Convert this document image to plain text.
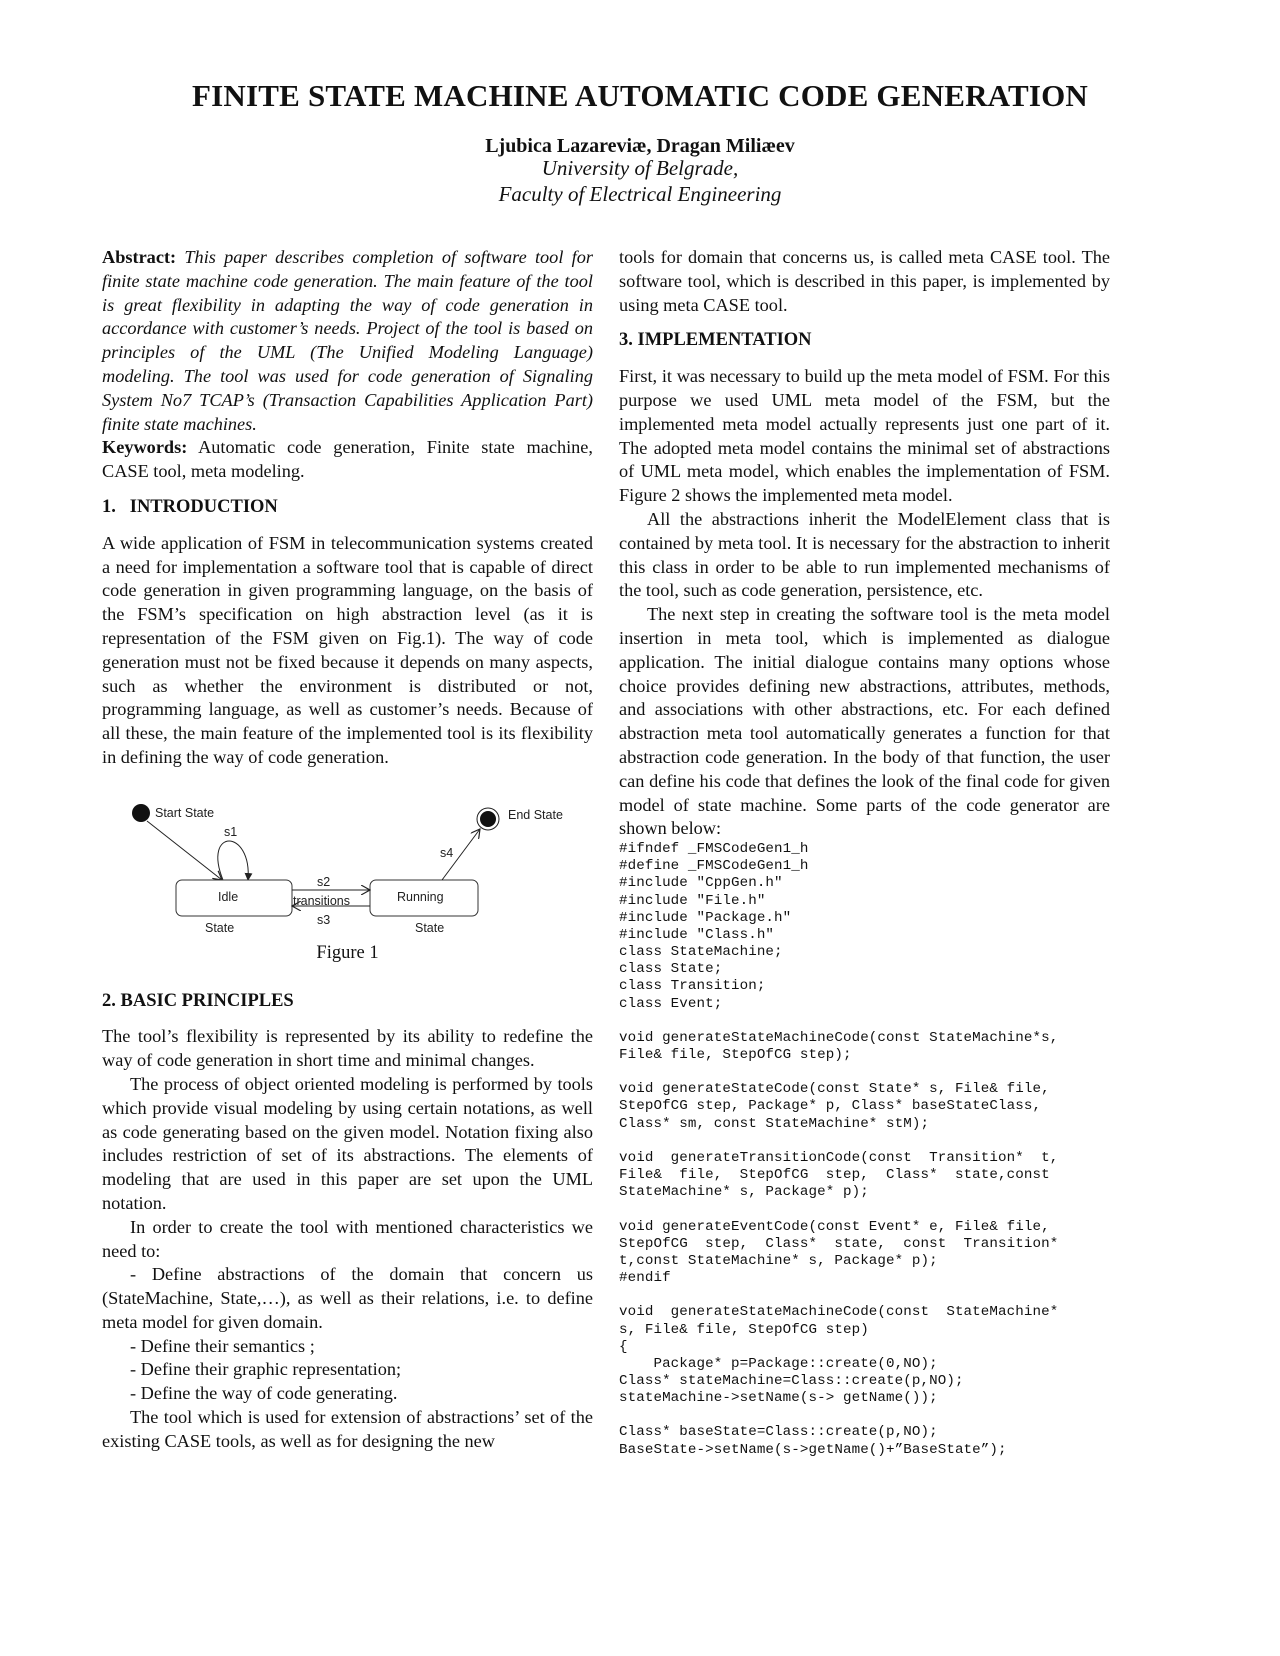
FINITE STATE MACHINE AUTOMATIC CODE GENERATION
Ljubica Lazareviæ, Dragan Miliæev
University of Belgrade,
Faculty of Electrical Engineering

Abstract: This paper describes completion of software tool for finite state machine code generation. The main feature of the tool is great flexibility in adapting the way of code generation in accordance with customer’s needs. Project of the tool is based on principles of the UML (The Unified Modeling Language) modeling. The tool was used for code generation of Signaling System No7 TCAP’s (Transaction Capabilities Application Part) finite state machines.

Keywords: Automatic code generation, Finite state machine, CASE tool, meta modeling.

1.   INTRODUCTION

A wide application of FSM in telecommunication systems created a need for implementation a software tool that is capable of direct code generation in given programming language, on the basis of the FSM’s specification on high abstraction level (as it is representation of the FSM given on Fig.1). The way of code generation must not be fixed because it depends on many aspects, such as whether the environment is distributed or not, programming language, as well as customer’s needs. Because of all these, the main feature of the implemented tool is its flexibility in defining the way of code generation.

Start State	End State
s1
Idle	Running
s2
transitions
s3
s4
State	State
Figure 1
2. BASIC PRINCIPLES

The tool’s flexibility is represented by its ability to redefine the way of code generation in short time and minimal changes.

The process of object oriented modeling is performed by tools which provide visual modeling by using certain notations, as well as code generating based on the given model. Notation fixing also includes restriction of set of its abstractions. The elements of modeling that are used in this paper are set upon the UML notation.

In order to create the tool with mentioned characteristics we need to:

- Define abstractions of the domain that concern us (StateMachine, State,…), as well as their relations, i.e. to define meta model for given domain.

- Define their semantics ;

- Define their graphic representation;

- Define the way of code generating.

The tool which is used for extension of abstractions’ set of the existing CASE tools, as well as for designing the new

tools for domain that concerns us, is called meta CASE tool. The software tool, which is described in this paper, is implemented by using meta CASE tool.

3. IMPLEMENTATION

First, it was necessary to build up the meta model of FSM. For this purpose we used UML meta model of the FSM, but the implemented meta model actually represents just one part of it. The adopted meta model contains the minimal set of abstractions of UML meta model, which enables the implementation of FSM. Figure 2 shows the implemented meta model.

All the abstractions inherit the ModelElement class that is contained by meta tool. It is necessary for the abstraction to inherit this class in order to be able to run implemented mechanisms of the tool, such as code generation, persistence, etc.

The next step in creating the software tool is the meta model insertion in meta tool, which is implemented as dialogue application. The initial dialogue contains many options whose choice provides defining new abstractions, attributes, methods, and associations with other abstractions, etc. For each defined abstraction meta tool automatically generates a function for that abstraction code generation. In the body of that function, the user can define his code that defines the look of the final code for given model of state machine. Some parts of the code generator are shown below:

#ifndef _FMSCodeGen1_h
#define _FMSCodeGen1_h
#include "CppGen.h"
#include "File.h"
#include "Package.h"
#include "Class.h"
class StateMachine;
class State;
class Transition;
class Event;

void generateStateMachineCode(const StateMachine*s,
File& file, StepOfCG step);

void generateStateCode(const State* s, File& file,
StepOfCG step, Package* p, Class* baseStateClass,
Class* sm, const StateMachine* stM);

void  generateTransitionCode(const  Transition*  t,
File&  file,  StepOfCG  step,  Class*  state,const
StateMachine* s, Package* p);

void generateEventCode(const Event* e, File& file,
StepOfCG  step,  Class*  state,  const  Transition*
t,const StateMachine* s, Package* p);
#endif

void  generateStateMachineCode(const  StateMachine*
s, File& file, StepOfCG step)
{
Package* p=Package::create(0,NO);
Class* stateMachine=Class::create(p,NO);
stateMachine->setName(s-> getName());

Class* baseState=Class::create(p,NO);
BaseState->setName(s->getName()+”BaseState”);
